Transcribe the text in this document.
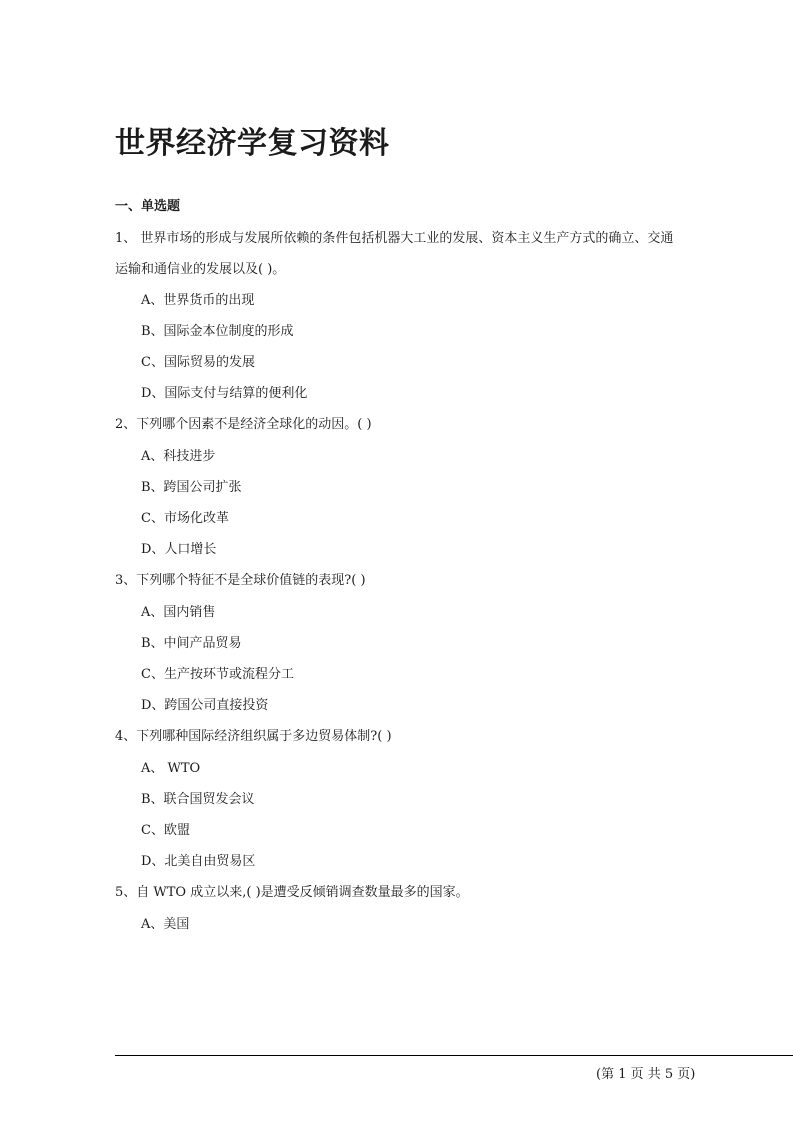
世界经济学复习资料
一、单选题
1、 世界市场的形成与发展所依赖的条件包括机器大工业的发展、资本主义生产方式的确立、交通
运输和通信业的发展以及( )。
A、世界货币的出现
B、国际金本位制度的形成
C、国际贸易的发展
D、国际支付与结算的便利化
2、下列哪个因素不是经济全球化的动因。( )
A、科技进步
B、跨国公司扩张
C、市场化改革
D、人口增长
3、下列哪个特征不是全球价值链的表现?( )
A、国内销售
B、中间产品贸易
C、生产按环节或流程分工
D、跨国公司直接投资
4、下列哪种国际经济组织属于多边贸易体制?( )
A、 WTO
B、联合国贸发会议
C、欧盟
D、北美自由贸易区
5、自 WTO 成立以来,( )是遭受反倾销调查数量最多的国家。
A、美国
(第 1 页 共 5 页)
